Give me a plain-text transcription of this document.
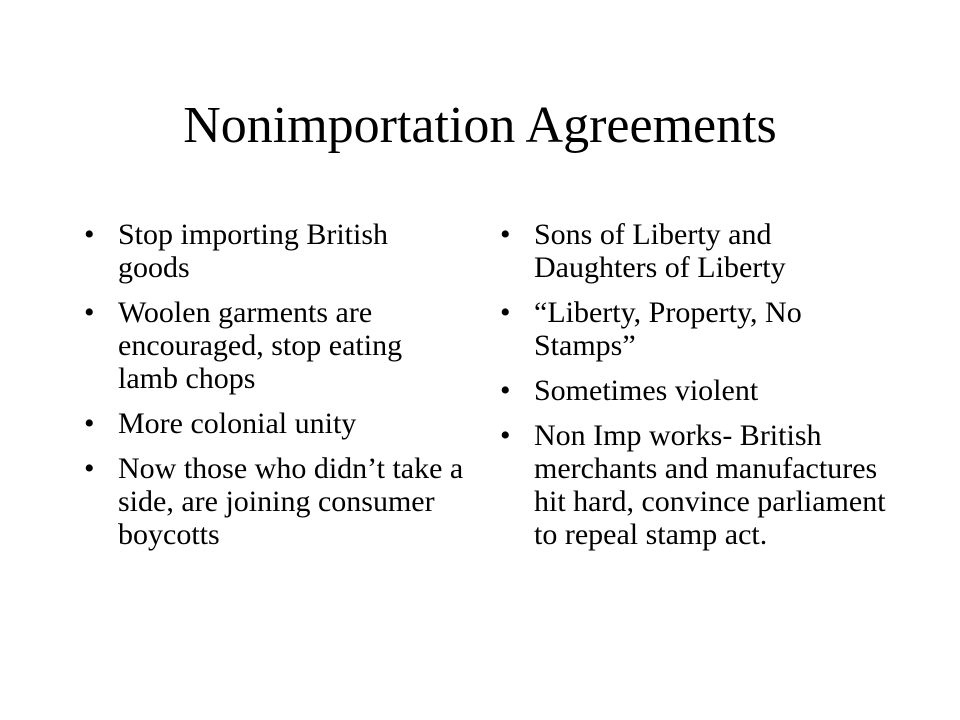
Nonimportation Agreements
• Stop importing British goods
• Woolen garments are encouraged, stop eating lamb chops
• More colonial unity
• Now those who didn’t take a side, are joining consumer boycotts
• Sons of Liberty and Daughters of Liberty
• “Liberty, Property, No Stamps”
• Sometimes violent
• Non Imp works- British merchants and manufactures hit hard, convince parliament to repeal stamp act.
